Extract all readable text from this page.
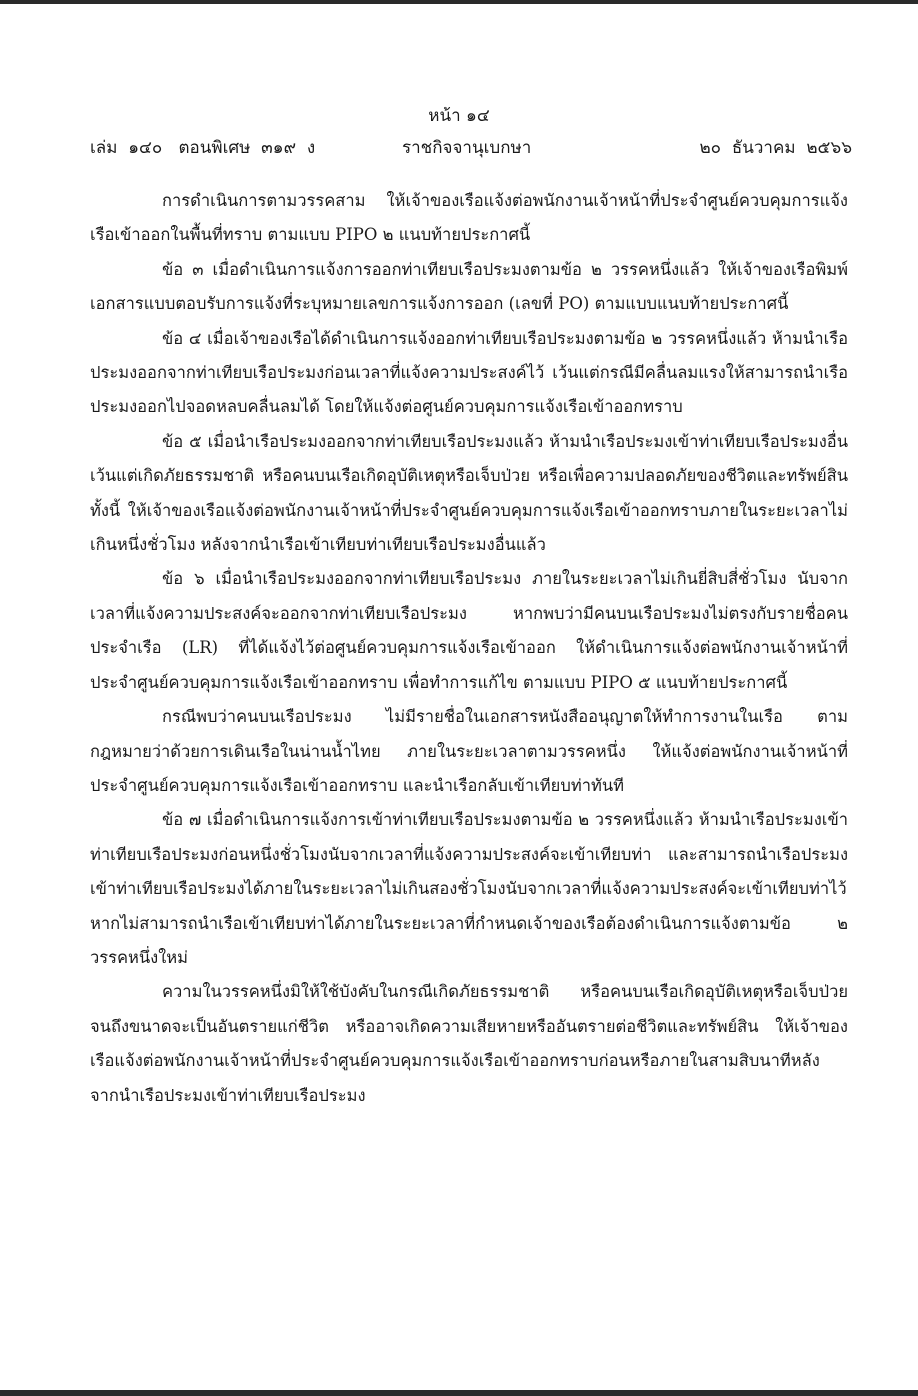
หน้า ๑๔
เล่ม  ๑๔๐   ตอนพิเศษ  ๓๑๙  ง	ราชกิจจานุเบกษา	๒๐  ธันวาคม  ๒๕๖๖

การดำเนินการตามวรรคสาม ให้เจ้าของเรือแจ้งต่อพนักงานเจ้าหน้าที่ประจำศูนย์ควบคุมการแจ้งเรือเข้าออกในพื้นที่ทราบ ตามแบบ PIPO ๒ แนบท้ายประกาศนี้

ข้อ ๓ เมื่อดำเนินการแจ้งการออกท่าเทียบเรือประมงตามข้อ ๒ วรรคหนึ่งแล้ว ให้เจ้าของเรือพิมพ์เอกสารแบบตอบรับการแจ้งที่ระบุหมายเลขการแจ้งการออก (เลขที่ PO) ตามแบบแนบท้ายประกาศนี้

ข้อ ๔ เมื่อเจ้าของเรือได้ดำเนินการแจ้งออกท่าเทียบเรือประมงตามข้อ ๒ วรรคหนึ่งแล้ว ห้ามนำเรือประมงออกจากท่าเทียบเรือประมงก่อนเวลาที่แจ้งความประสงค์ไว้ เว้นแต่กรณีมีคลื่นลมแรงให้สามารถนำเรือประมงออกไปจอดหลบคลื่นลมได้ โดยให้แจ้งต่อศูนย์ควบคุมการแจ้งเรือเข้าออกทราบ

ข้อ ๕ เมื่อนำเรือประมงออกจากท่าเทียบเรือประมงแล้ว ห้ามนำเรือประมงเข้าท่าเทียบเรือประมงอื่น เว้นแต่เกิดภัยธรรมชาติ หรือคนบนเรือเกิดอุบัติเหตุหรือเจ็บป่วย หรือเพื่อความปลอดภัยของชีวิตและทรัพย์สิน ทั้งนี้ ให้เจ้าของเรือแจ้งต่อพนักงานเจ้าหน้าที่ประจำศูนย์ควบคุมการแจ้งเรือเข้าออกทราบภายในระยะเวลาไม่เกินหนึ่งชั่วโมง หลังจากนำเรือเข้าเทียบท่าเทียบเรือประมงอื่นแล้ว

ข้อ ๖ เมื่อนำเรือประมงออกจากท่าเทียบเรือประมง ภายในระยะเวลาไม่เกินยี่สิบสี่ชั่วโมง นับจากเวลาที่แจ้งความประสงค์จะออกจากท่าเทียบเรือประมง หากพบว่ามีคนบนเรือประมงไม่ตรงกับรายชื่อคนประจำเรือ (LR) ที่ได้แจ้งไว้ต่อศูนย์ควบคุมการแจ้งเรือเข้าออก ให้ดำเนินการแจ้งต่อพนักงานเจ้าหน้าที่ประจำศูนย์ควบคุมการแจ้งเรือเข้าออกทราบ เพื่อทำการแก้ไข ตามแบบ PIPO ๕ แนบท้ายประกาศนี้

กรณีพบว่าคนบนเรือประมง ไม่มีรายชื่อในเอกสารหนังสืออนุญาตให้ทำการงานในเรือ ตามกฎหมายว่าด้วยการเดินเรือในน่านน้ำไทย ภายในระยะเวลาตามวรรคหนึ่ง ให้แจ้งต่อพนักงานเจ้าหน้าที่ประจำศูนย์ควบคุมการแจ้งเรือเข้าออกทราบ และนำเรือกลับเข้าเทียบท่าทันที

ข้อ ๗ เมื่อดำเนินการแจ้งการเข้าท่าเทียบเรือประมงตามข้อ ๒ วรรคหนึ่งแล้ว ห้ามนำเรือประมงเข้าท่าเทียบเรือประมงก่อนหนึ่งชั่วโมงนับจากเวลาที่แจ้งความประสงค์จะเข้าเทียบท่า และสามารถนำเรือประมงเข้าท่าเทียบเรือประมงได้ภายในระยะเวลาไม่เกินสองชั่วโมงนับจากเวลาที่แจ้งความประสงค์จะเข้าเทียบท่าไว้ หากไม่สามารถนำเรือเข้าเทียบท่าได้ภายในระยะเวลาที่กำหนดเจ้าของเรือต้องดำเนินการแจ้งตามข้อ ๒ วรรคหนึ่งใหม่

ความในวรรคหนึ่งมิให้ใช้บังคับในกรณีเกิดภัยธรรมชาติ หรือคนบนเรือเกิดอุบัติเหตุหรือเจ็บป่วยจนถึงขนาดจะเป็นอันตรายแก่ชีวิต หรืออาจเกิดความเสียหายหรืออันตรายต่อชีวิตและทรัพย์สิน ให้เจ้าของเรือแจ้งต่อพนักงานเจ้าหน้าที่ประจำศูนย์ควบคุมการแจ้งเรือเข้าออกทราบก่อนหรือภายในสามสิบนาทีหลังจากนำเรือประมงเข้าท่าเทียบเรือประมง
